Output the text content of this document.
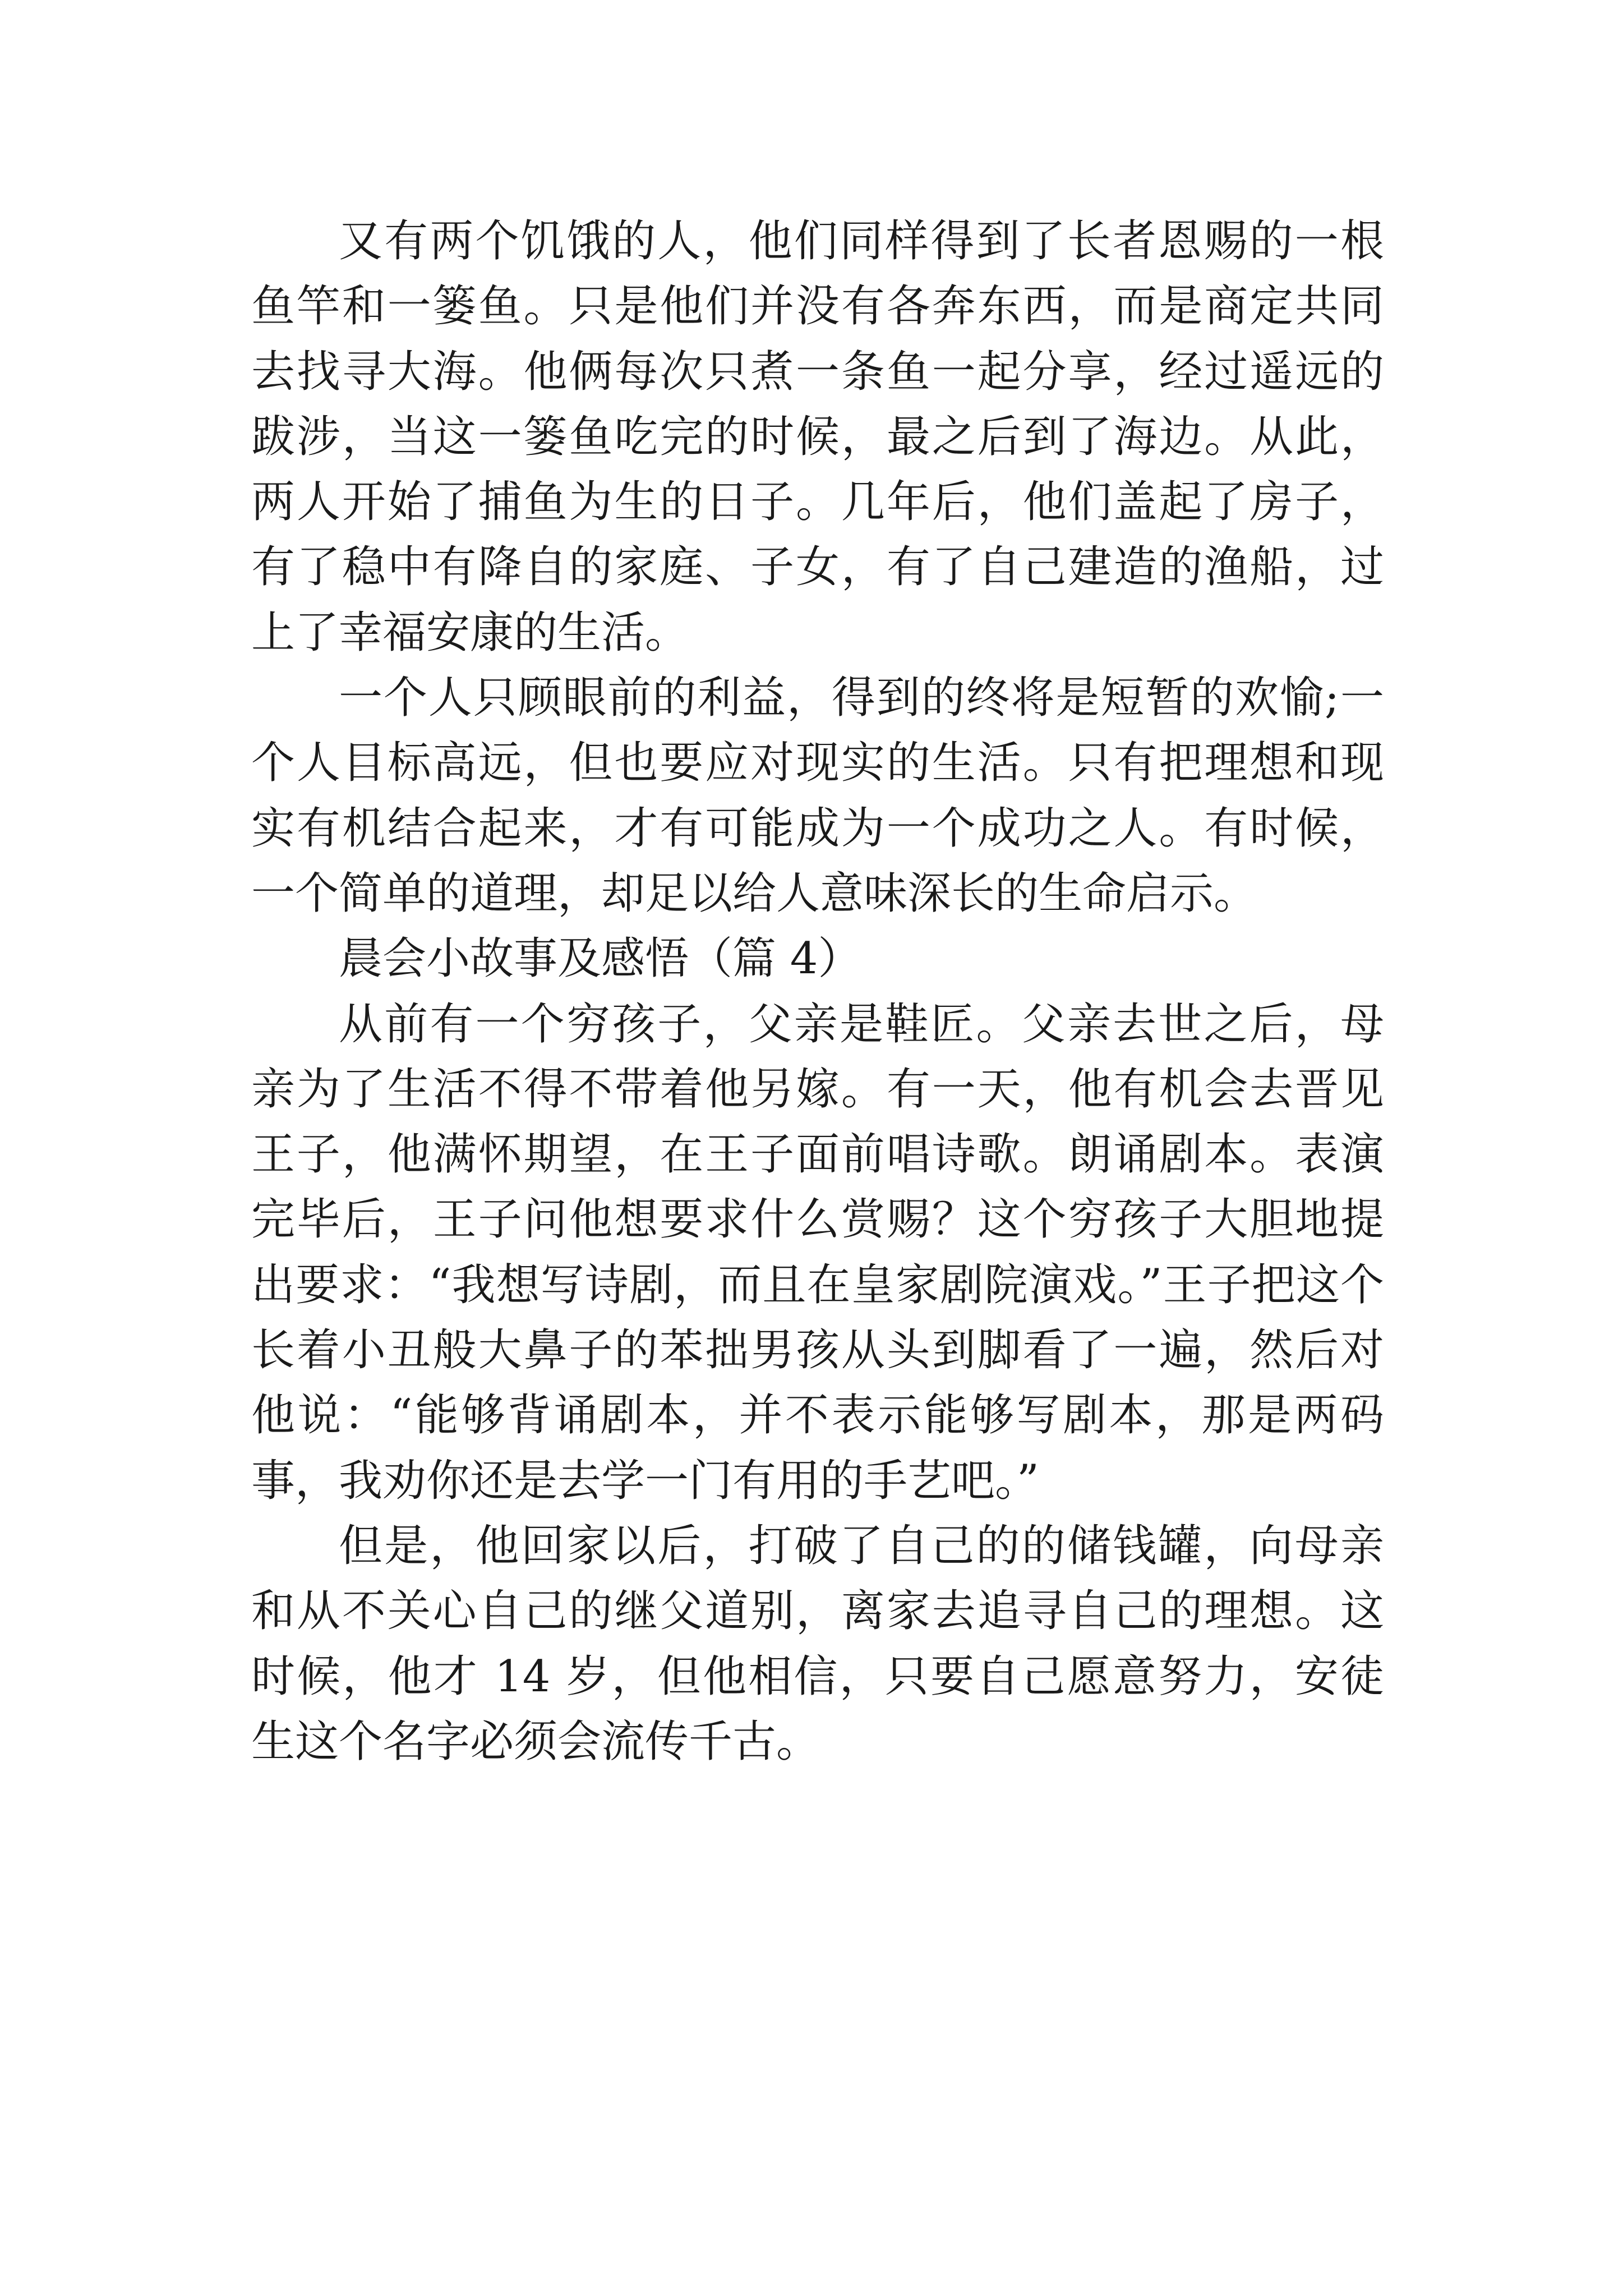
又有两个饥饿的人，他们同样得到了长者恩赐的一根鱼竿和一篓鱼。只是他们并没有各奔东西，而是商定共同去找寻大海。他俩每次只煮一条鱼一起分享，经过遥远的跋涉，当这一篓鱼吃完的时候，最之后到了海边。从此，两人开始了捕鱼为生的日子。几年后，他们盖起了房子，有了稳中有降自的家庭、子女，有了自己建造的渔船，过上了幸福安康的生活。

一个人只顾眼前的利益，得到的终将是短暂的欢愉;一个人目标高远，但也要应对现实的生活。只有把理想和现实有机结合起来，才有可能成为一个成功之人。有时候，一个简单的道理，却足以给人意味深长的生命启示。

晨会小故事及感悟（篇 4）

从前有一个穷孩子，父亲是鞋匠。父亲去世之后，母亲为了生活不得不带着他另嫁。有一天，他有机会去晋见王子，他满怀期望，在王子面前唱诗歌。朗诵剧本。表演完毕后，王子问他想要求什么赏赐？这个穷孩子大胆地提出要求：“我想写诗剧，而且在皇家剧院演戏。”王子把这个长着小丑般大鼻子的苯拙男孩从头到脚看了一遍，然后对他说：“能够背诵剧本，并不表示能够写剧本，那是两码事，我劝你还是去学一门有用的手艺吧。”

但是，他回家以后，打破了自己的的储钱罐，向母亲和从不关心自己的继父道别，离家去追寻自己的理想。这时候，他才 14 岁，但他相信，只要自己愿意努力，安徒生这个名字必须会流传千古。
